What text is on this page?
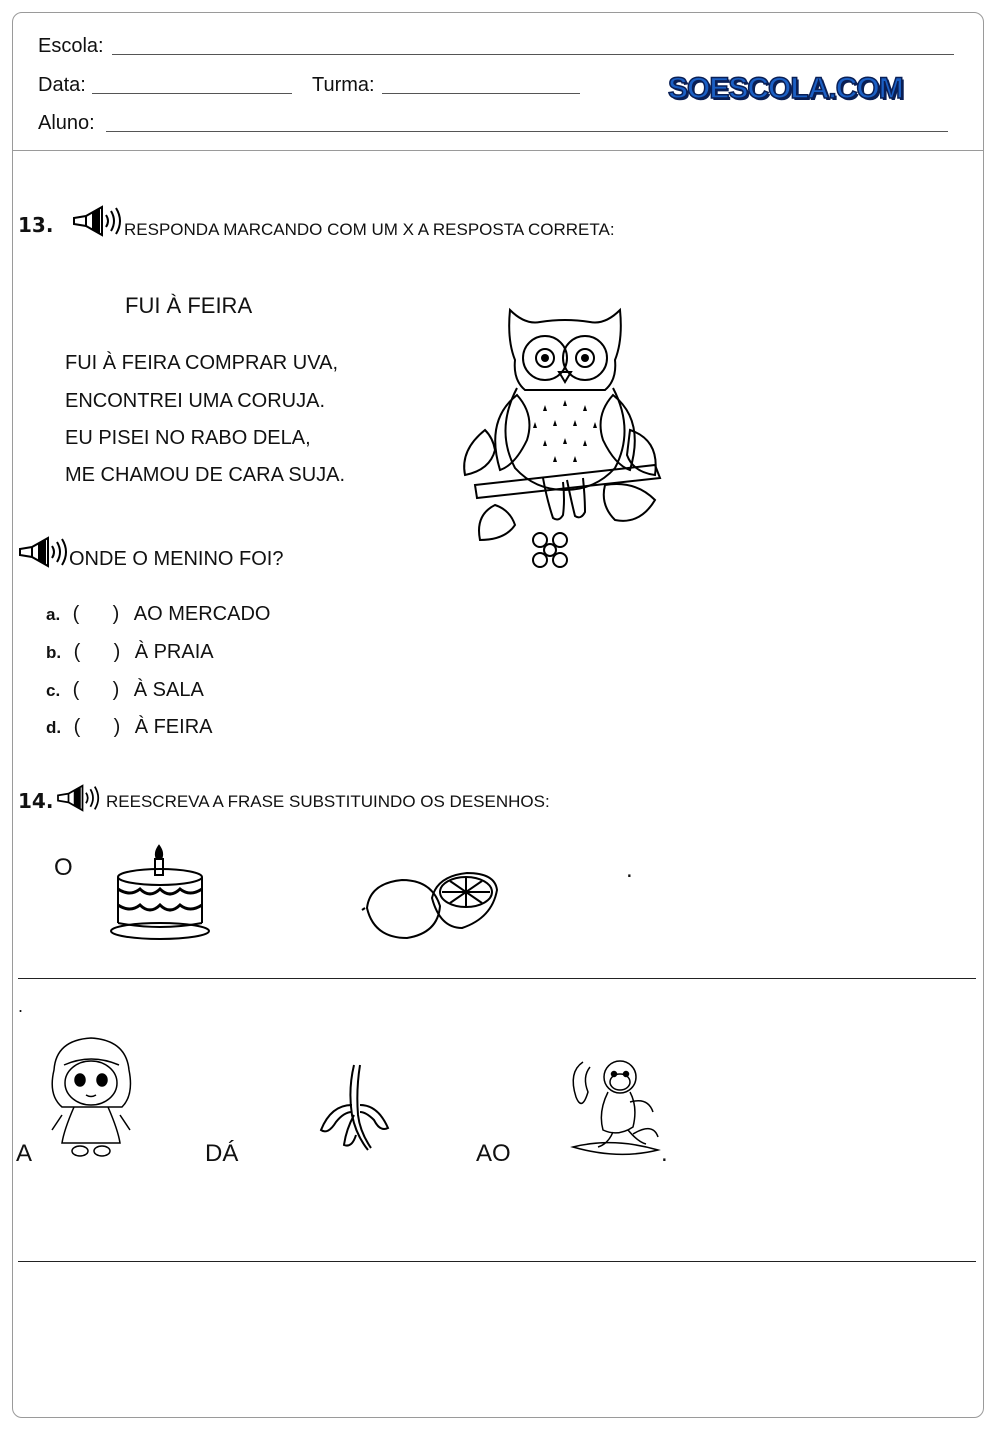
Escola:
Data:	Turma:
Aluno:
SOESCOLA.COM
13.	RESPONDA MARCANDO COM UM X A RESPOSTA CORRETA:
FUI À FEIRA
FUI À FEIRA COMPRAR UVA,
ENCONTREI UMA CORUJA.
EU PISEI NO RABO DELA,
ME CHAMOU DE CARA SUJA.
ONDE O MENINO FOI?
a. (      ) AO MERCADO
b. (      ) À PRAIA
c. (      ) À SALA
d. (      ) À FEIRA
14.	REESCREVA A FRASE SUBSTITUINDO OS DESENHOS:
O	.
.
A	DÁ	AO	.
